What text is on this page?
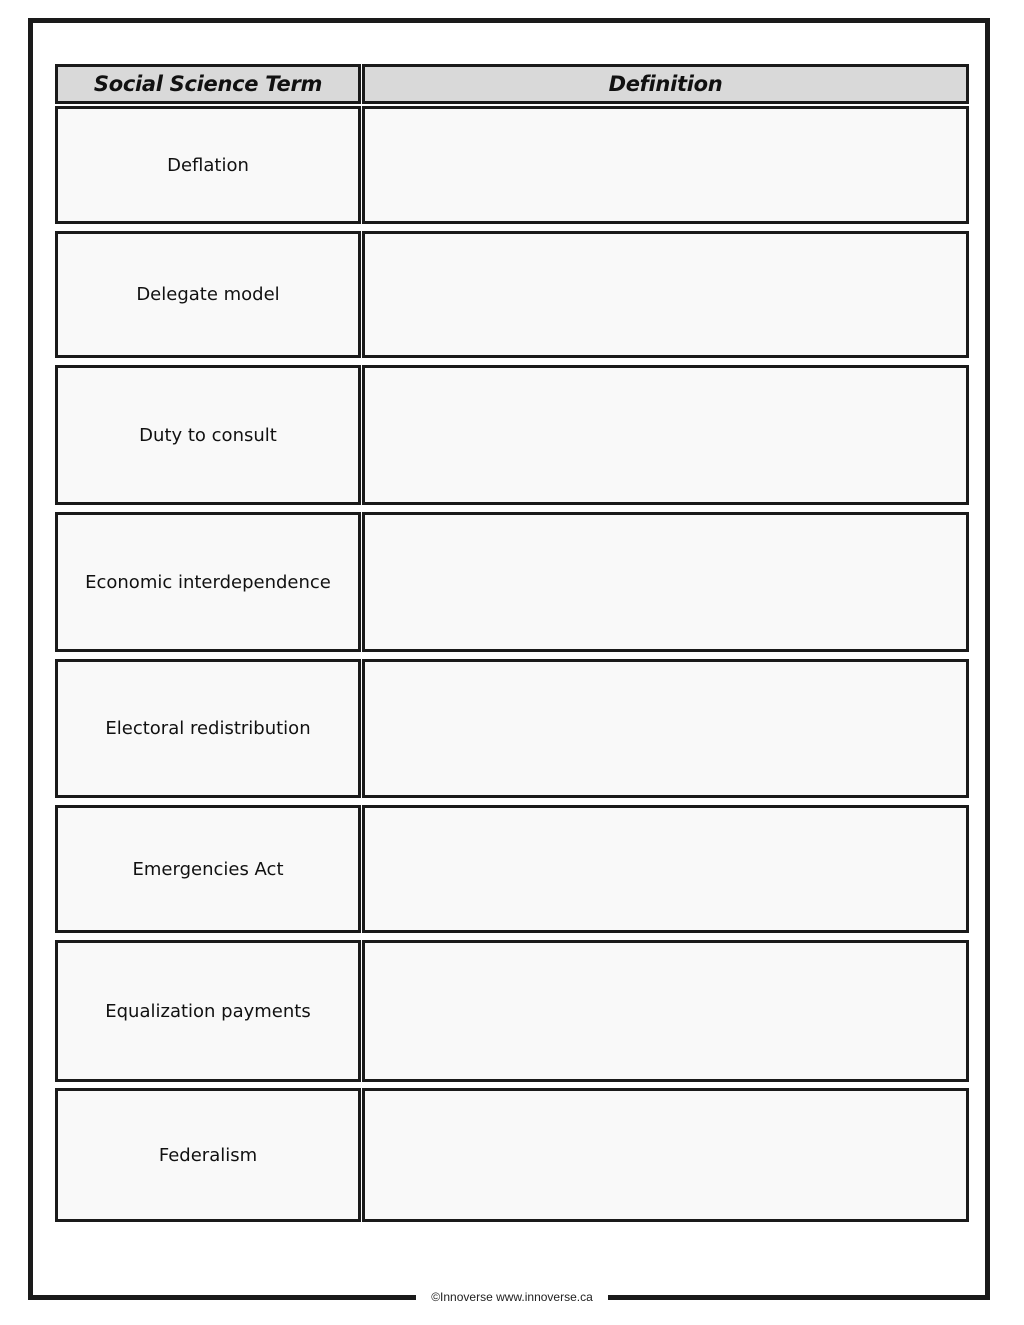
Social Science Term	Definition
Deflation
Delegate model
Duty to consult
Economic interdependence
Electoral redistribution
Emergencies Act
Equalization payments
Federalism
©Innoverse www.innoverse.ca
